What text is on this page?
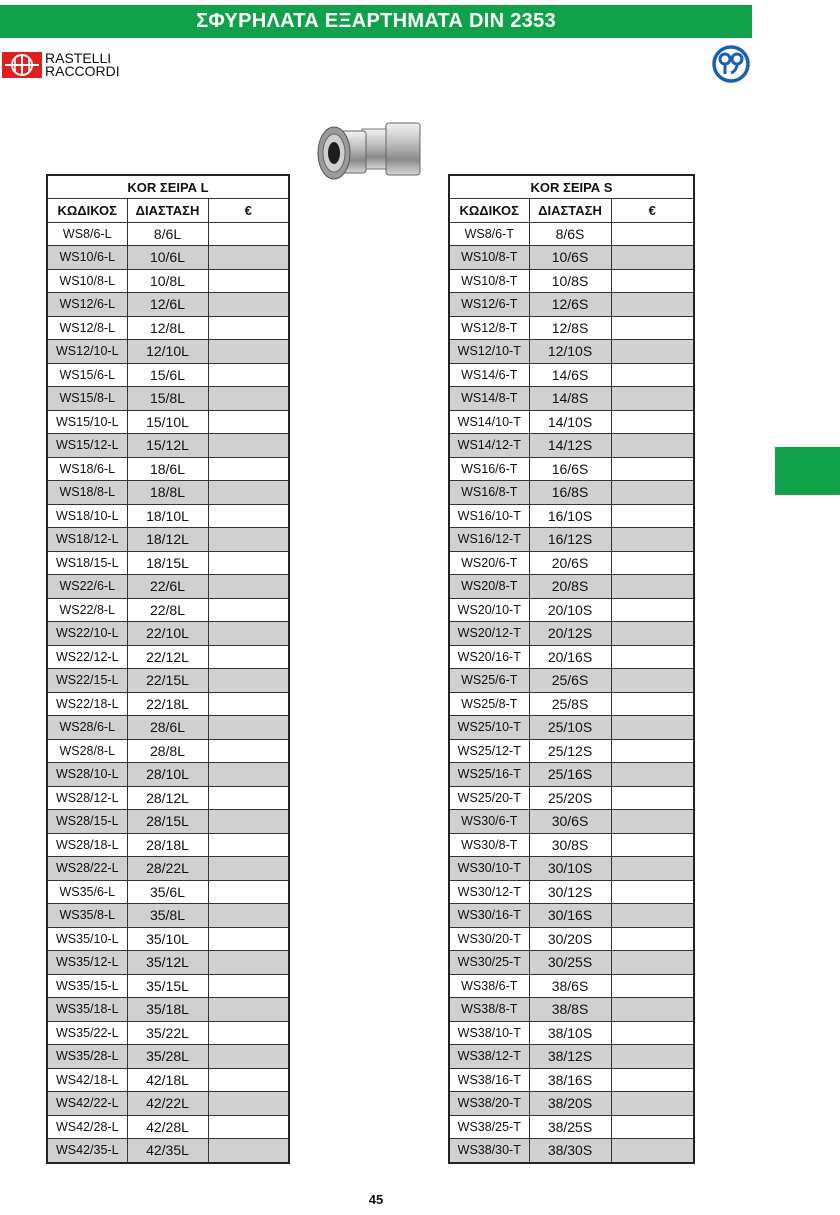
ΣΦΥΡΗΛΑΤΑ ΕΞΑΡΤΗΜΑΤΑ DIN 2353
RASTELLI
RACCORDI
KOR ΣΕΙΡΑ L		
ΚΩΔΙΚΟΣ	ΔΙΑΣΤΑΣΗ	€
WS8/6-L	8/6L	
WS10/6-L	10/6L	
WS10/8-L	10/8L	
WS12/6-L	12/6L	
WS12/8-L	12/8L	
WS12/10-L	12/10L	
WS15/6-L	15/6L	
WS15/8-L	15/8L	
WS15/10-L	15/10L	
WS15/12-L	15/12L	
WS18/6-L	18/6L	
WS18/8-L	18/8L	
WS18/10-L	18/10L	
WS18/12-L	18/12L	
WS18/15-L	18/15L	
WS22/6-L	22/6L	
WS22/8-L	22/8L	
WS22/10-L	22/10L	
WS22/12-L	22/12L	
WS22/15-L	22/15L	
WS22/18-L	22/18L	
WS28/6-L	28/6L	
WS28/8-L	28/8L	
WS28/10-L	28/10L	
WS28/12-L	28/12L	
WS28/15-L	28/15L	
WS28/18-L	28/18L	
WS28/22-L	28/22L	
WS35/6-L	35/6L	
WS35/8-L	35/8L	
WS35/10-L	35/10L	
WS35/12-L	35/12L	
WS35/15-L	35/15L	
WS35/18-L	35/18L	
WS35/22-L	35/22L	
WS35/28-L	35/28L	
WS42/18-L	42/18L	
WS42/22-L	42/22L	
WS42/28-L	42/28L	
WS42/35-L	42/35L	
KOR ΣΕΙΡΑ S		
ΚΩΔΙΚΟΣ	ΔΙΑΣΤΑΣΗ	€
WS8/6-T	8/6S	
WS10/8-T	10/6S	
WS10/8-T	10/8S	
WS12/6-T	12/6S	
WS12/8-T	12/8S	
WS12/10-T	12/10S	
WS14/6-T	14/6S	
WS14/8-T	14/8S	
WS14/10-T	14/10S	
WS14/12-T	14/12S	
WS16/6-T	16/6S	
WS16/8-T	16/8S	
WS16/10-T	16/10S	
WS16/12-T	16/12S	
WS20/6-T	20/6S	
WS20/8-T	20/8S	
WS20/10-T	20/10S	
WS20/12-T	20/12S	
WS20/16-T	20/16S	
WS25/6-T	25/6S	
WS25/8-T	25/8S	
WS25/10-T	25/10S	
WS25/12-T	25/12S	
WS25/16-T	25/16S	
WS25/20-T	25/20S	
WS30/6-T	30/6S	
WS30/8-T	30/8S	
WS30/10-T	30/10S	
WS30/12-T	30/12S	
WS30/16-T	30/16S	
WS30/20-T	30/20S	
WS30/25-T	30/25S	
WS38/6-T	38/6S	
WS38/8-T	38/8S	
WS38/10-T	38/10S	
WS38/12-T	38/12S	
WS38/16-T	38/16S	
WS38/20-T	38/20S	
WS38/25-T	38/25S	
WS38/30-T	38/30S	
45
